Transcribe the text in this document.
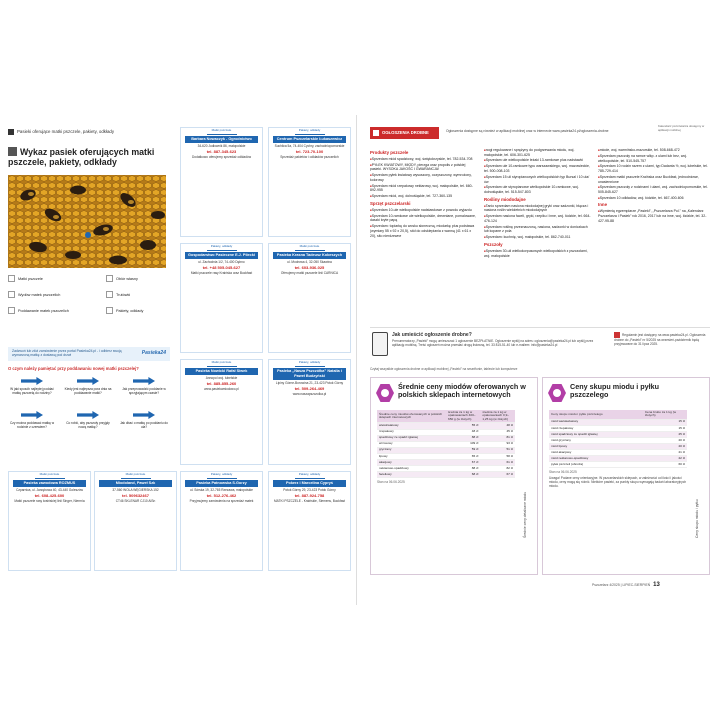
Pasieki oferujące matki pszczele, pakiety, odkłady
Wykaz pasiek oferujących matki pszczele, pakiety, odkłady
Matki pszczele	Obiór własny
Wydów matek pszczelich	Trutówki
Poddawanie matek pszczelich	Pakiety, odkłady
Zadzwoń lub złóż zamówienie przez portal Pasieka24.pl - i odbierz swoją wymarzoną matkę z dostawą pod drzwi	Pasieka24
O czym należy pamiętać przy poddawaniu nowej matki pszczelej?
W jaki sposób najlepiej poddać matkę pszczelą do rodziny?
Kiedy jest najlepsza pora dnia na poddawanie matki?
Jak przeprowadzić poddanie w sprzyjającym czasie?
Czy można poddawać matkę w rodzinie z czerwiem?
Co robić, aby pszczoły przyjęły nową matkę?
Jak dbać o matkę po poddaniu do ula?
Matki pszczele
Barbara Nowaczyk - Ogrodnictwo
34-620 Jodłownik 86, małopolskie
tel. 887-345-623
Dodatkowo oferujemy sprzedaż odkładów
Pakiety, odkłady
Centrum Pszczelarskie Łukaszewicz
Suchlica 5a, 74-404 Cychry, zachodniopomorskie
tel. 723-70-100
Sprzedaż pakietów i odkładów pszczelich
Pakiety, odkłady
Gospodarstwo Pasieczne E.J. Pilecki
ul. Zachodnia 1/2, 74-400 Dębno
tel. +48 505-045-627
Matki pszczele rasy Kraińska oraz Buckfast
Matki pszczele
Pasieka Krasna Tadeusz Kobeszych
ul. Modrowa 4, 32-050 Skawina
tel. 603-936-025
Oferujemy matki pszczele linii CARNICA
Matki pszczele
Pasieka Nowicki Rafał Siwek
Annopol woj. lubelskie
tel. 885-855-260
www.pasiekamiodowo.pl
Pakiety, odkłady
Pasieka „Nasza Pszczółka” Natalia i Paweł Budzyński
Lipiny Górne-Borowina 21, 23-423 Potok Górny
tel. 509-264-469
www.naszapszczolka.pl
Matki pszczele
Pasieka zawodowa ROZMUS
Czparnica, ul. Jarzębowa 40, 43-440 Goleszów
tel. 608-425-600
Matki pszczele rasy kraińskiej linii Singer, Nierrnia
Matki pszczele
Miodoland, Paweł Szk
37-560 WOLA WĘGIERSKA 152
tel. 509632467
CT46 SKLENAR CJ10 AISn
Pakiety, odkłady
Pasieka Patnowska S.Gorzy
ul. Sórska 19, 32-765 Rzezawa, małopolskie
tel. 512-276-462
Przyjmujemy zamówienia na sprzedaż matek
Pakiety, odkłady
Pokerz i Marcelina Cypryś
Potok Górny 29, 23-423 Potok Górny
tel. 887-924-758
MATKI PSZCZELE - Kraińskie, Siemens, Buckfast
OGŁOSZENIA DROBNE	Ogłoszenia dostępne są również w aplikacji mobilnej oraz w internecie www.pasieka24.pl/ogloszenia-drobne
Kalendarz pszczelarza dostępny w aplikacji mobilnej
Produkty pszczele

■ Sprzedam miód spadziowy, woj. świętokrzyskie, tel. 782-534-708

■ PYŁEK KWIATOWY, MIODY, pierzga oraz propolis z polskiej pasieki. WYSOKA JAKOŚĆ I GWARANCJA!

■ Sprzedam pyłek kwiatowy wysuszony, oczyszczony, wymrożony, kolorowy

■ Sprzedam miód rzepakowy nektarowy, woj. małopolskie, tel. 660-892-955

■ Sprzedam miód, woj. dolnośląskie, tel. 727-360-135

Sprzęt pszczelarski

■ Sprzedam 10-ule wielkopolskie nadstawkowe z powodu wyjazdu

■ Sprzedam 10-ramkowe ule wielkopolskie, drewniane, pomalowane, daszki kryte papą

■ Sprzedam: topiarkę do wosku słoneczną, miodarkę plus podstawa (wymiary 55 x 92 x 20,5), stół do odsklepiania z wanną (41 x 61 x 20), sito nierdzewne

■ nogi regulowane i sprężyny do podgrzewania miodu, woj. małopolskie, tel. 606-301-625

■ Sprzedam ule wielkopolskie leżaki 13-ramkowe plus nadstawki

■ Sprzedam ule 10-ramkowe typu warszawskiego, woj. mazowieckie, tel. 500-008-103

■ Sprzedam 15 uli styropianowych wielkopolskich typ Bursal i 10 ula/ów

■ Sprzedam ule styropianowe wielkopolskie 10-ramkowe, woj. dolnośląskie, tel. 515-547-803

Rośliny miododajne

■ Tanio sprzedam nasiona miododajnej gryki oraz sadzonki, błącza i nasiona roślin wieloletnich miododajnych

■ Sprzedam nasiona faceli, gryki, rzepiku i inne, woj. łódzkie, tel. 664-476-124

■ Sprzedam roślinę przeznaczoną, nasiona, sadzonki w doniczkach lub kopane z pola

■ Sprzedam: kuchnię, woj. małopolskie, tel. 862-740-011

Pszczoły

■ Sprzedam 30-uli wielkokorpusowych wielkopolskich z pszczołami, woj. małopolskie

■ miode, woj. warmińsko-mazurskie, tel. 508-668-472

■ Sprzedam pszczoły na ramce wlkp. z ulami lub bez, woj. wielkopolskie, tel. 510-545-757

■ Sprzedam 10 rodzin razem z ulami, typ Dadanta ½, woj. lubelskie, tel. 785-729-414

■ Sprzedam matki pszczele Kraińska oraz Buckfast, jednodniowe, unasiennione

■ Sprzedam pszczoły z rodzinami i ulami, woj. zachodniopomorskie, tel. 505-845-627

■ Sprzedam 10 odkładów, woj. łódzkie, tel. 667-400-606

Inne

■ Wymienię egzemplarze „Pasieki”, „Pszczelarza Pol.” na „Kalendarz Pszczelarza i Pasiek” rok 2016, 2017 lub na inne, woj. łódzkie, tel. 32-427-95-88

Jak umieścić ogłoszenie drobne?
Prenumeratorzy „Pasieki” mogą umieszczać 1 ogłoszenie BEZPŁATNIE. Ogłoszenie wyślij na adres: ogloszenia@pasieka24.pl lub wyślij przez aplikację mobilną. Treść ogłoszeń można przesłać drogą listowną, tel. 33 815-51-40 lub e-mailem: info@pasieka24.pl
Regulamin jest dostępny na www.pasieka24.pl. Ogłoszenia drobne do „Pasieki” nr 5/2025 na wrzesień-październik będą przyjmowane do 31 lipca 2025.
Czytaj wszystkie ogłoszenia drobne w aplikacji mobilnej „Pasieki” na smartfonie, tablecie lub komputerze
Średnie ceny miodów oferowanych w polskich sklepach internetowych
Średnie ceny miodów oferowanych w polskich sklepach internetowych	średnia za 1 kg w opakowaniach 400–650 g (w złotych)	średnia za 1 kg w opakowaniach 0,9–1,25 kg (w złotych)
wielokwiatowy	55 zł	48 zł
rzepakowy	48 zł	45 zł
spadziowy ze spadzi iglastej	88 zł	81 zł
wrzosowy	109 zł	93 zł
gryczany	59 zł	51 zł
lipowy	65 zł	58 zł
akacjowy	67 zł	61 zł
nektarowo-spadziowy	88 zł	82 zł
faceliowy	68 zł	67 zł
Stan na 06.06.2025
Średnie ceny detaliczne miodu
Ceny skupu miodu i pyłku pszczelego
Ceny skupu miodu i pyłku pszczelego	Cena brutto za 1 kg (w złotych)
miód wielokwiatowy	15 zł
miód rzepakowy	15 zł
miód spadziowy ze spadzi iglastej	25 zł
miód gryczany	20 zł
miód lipowy	20 zł
miód akacjowy	21 zł
miód nektarowo-spadziowy	22 zł
pyłek pszczeli (obnóża)	60 zł
Stan na 06.06.2025
Uwaga! Podane ceny orientacyjne. W pszczelarskich sklepach, w zależności od ilości i jakości miodu, ceny mogą się różnić. Niektóre pasieki, za punkty skupu wymagają badań laboratoryjnych miodu.
Ceny skupu miodu i pyłku
Pszczelarz 4/2025 | LIPIEC-SIERPIEŃ 13
